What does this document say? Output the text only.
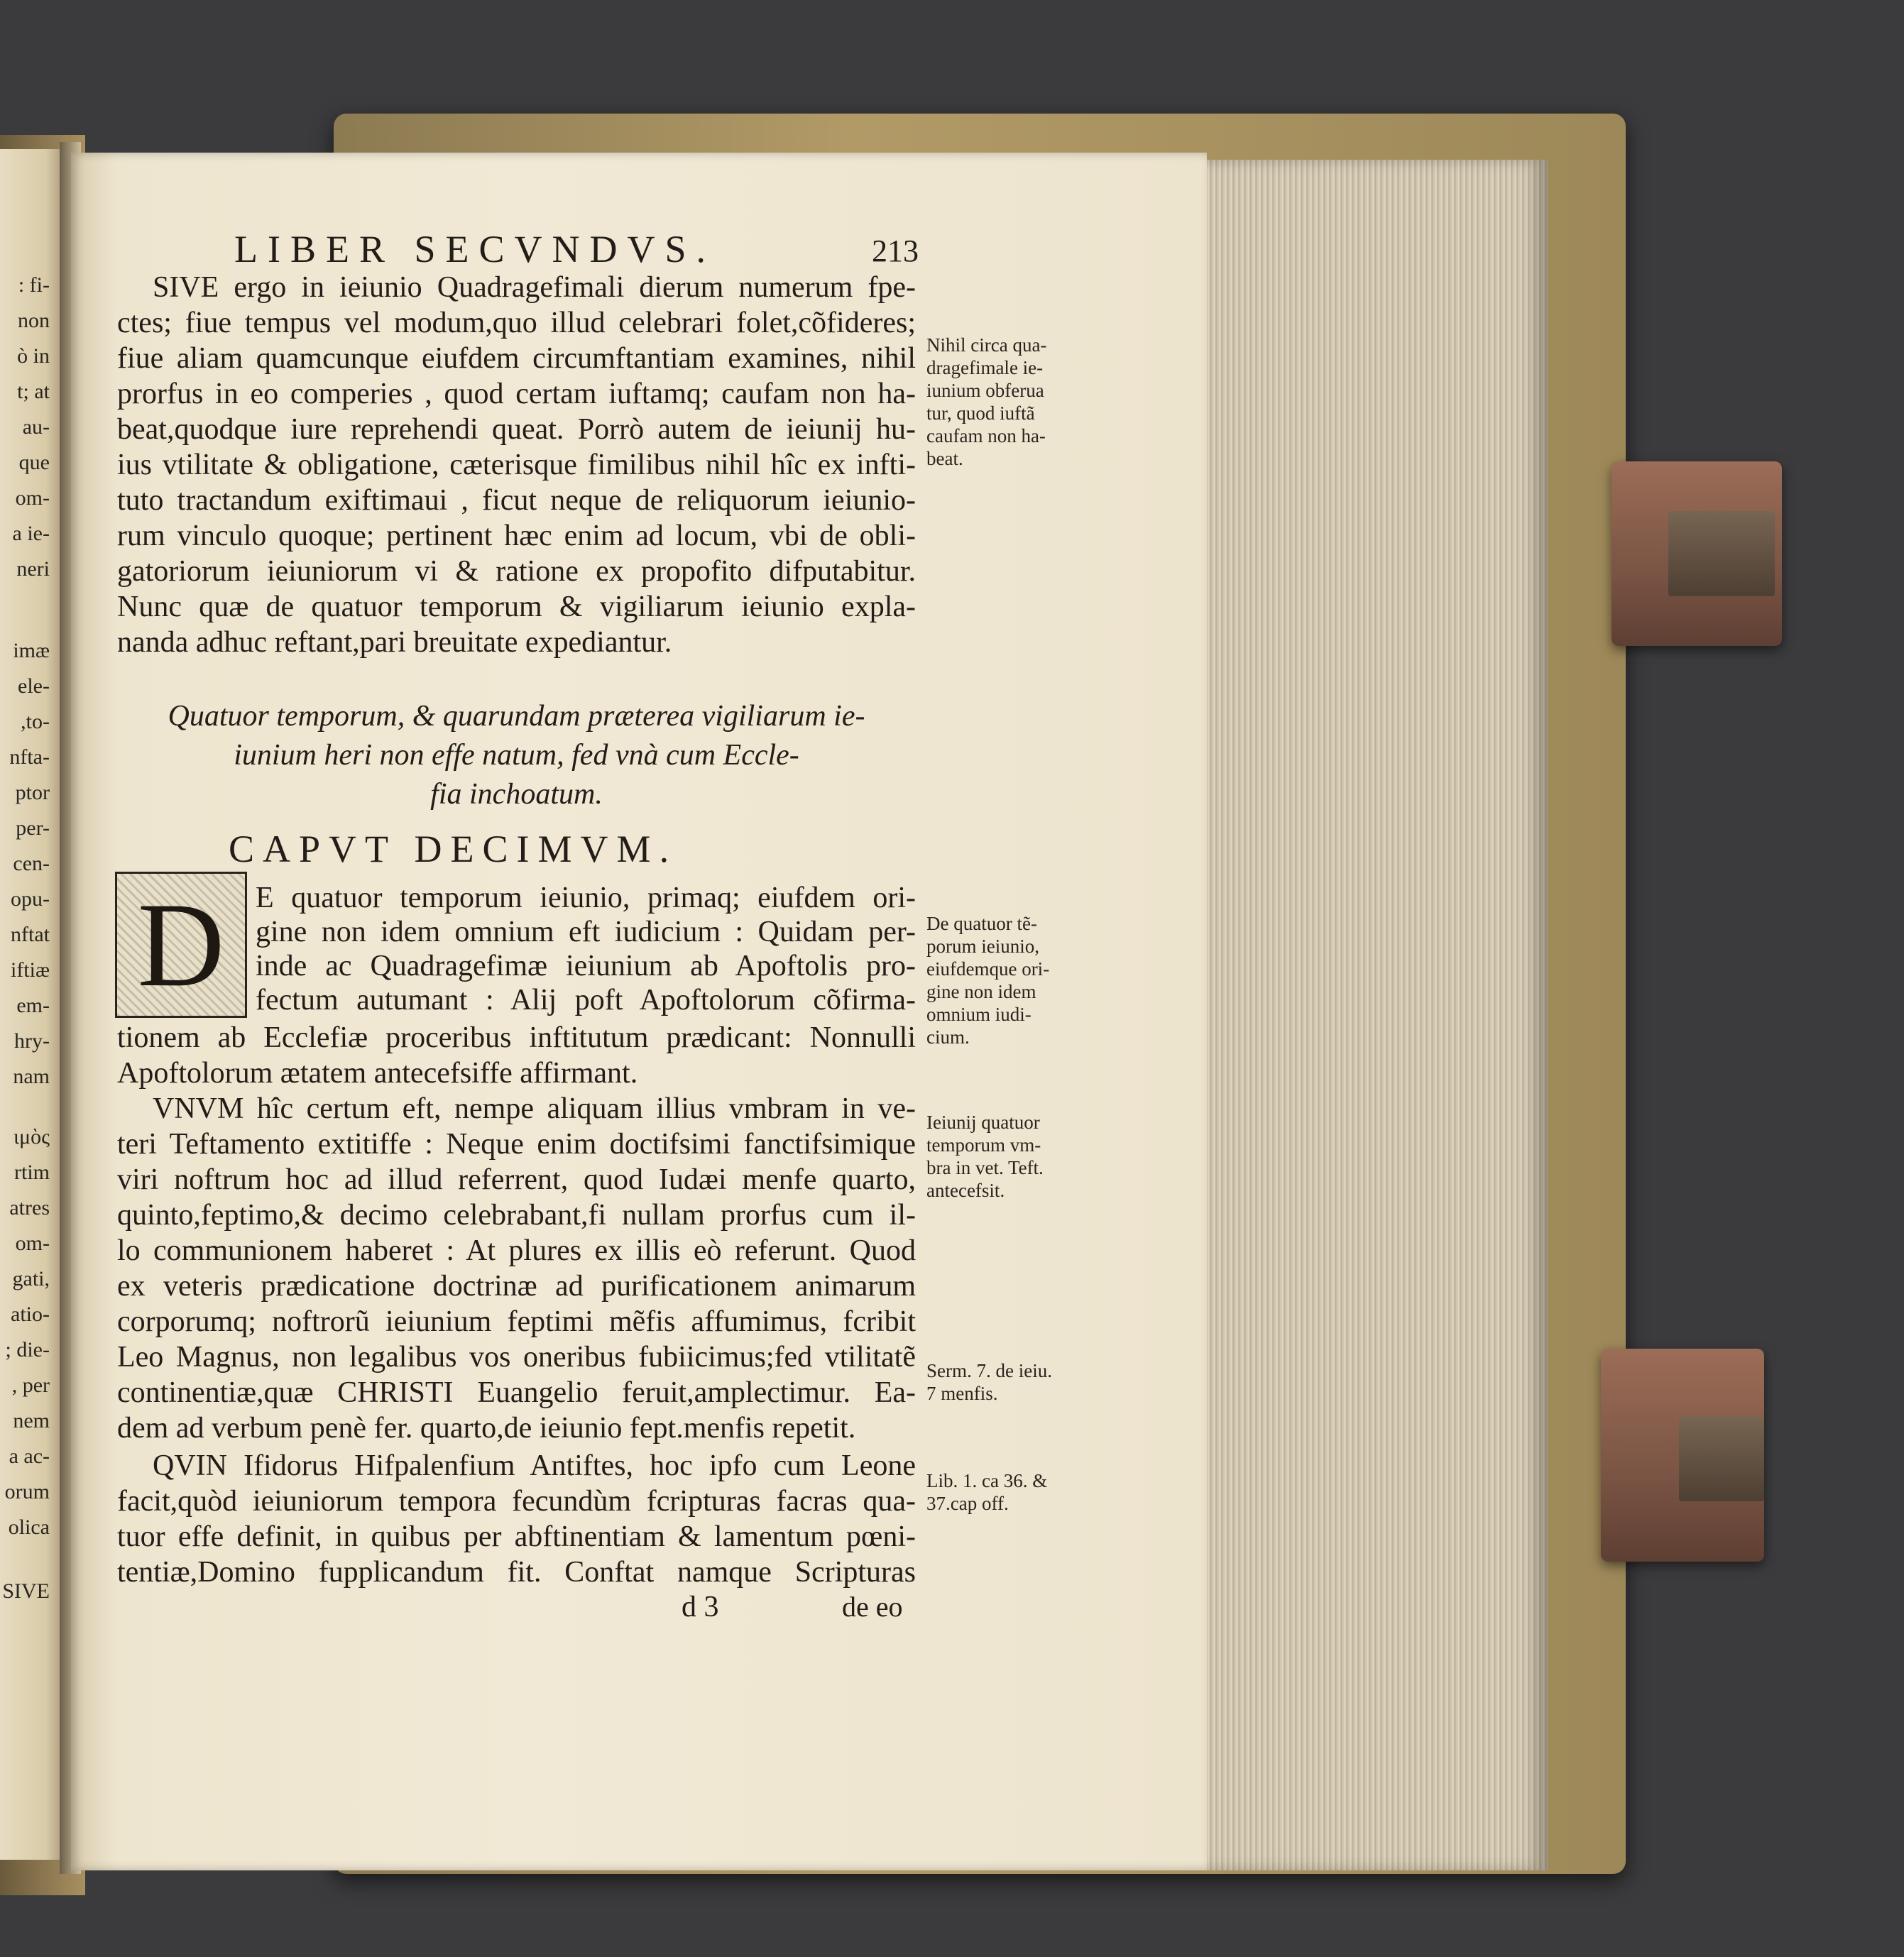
: fi-
non
ò in
t; at
au-
que
om-
a ie-
neri
imæ
ele-
,to-
nfta-
ptor
per-
cen-
opu-
nftat
iftiæ
em-
hry-
nam
ιμὸς
rtim
atres
om-
gati,
atio-
; die-
, per
nem
a ac-
orum
olica
SIVE
LIBER SECVNDVS.	213
SIVE ergo in ieiunio Quadragefimali dierum numerum fpe-
ctes; fiue tempus vel modum,quo illud celebrari folet,cõfideres;
fiue aliam quamcunque eiufdem circumftantiam examines, nihil
prorfus in eo comperies , quod certam iuftamq; caufam non ha-
beat,quodque iure reprehendi queat. Porrò autem de ieiunij hu-
ius vtilitate & obligatione, cæterisque fimilibus nihil hîc ex infti-
tuto tractandum exiftimaui , ficut neque de reliquorum ieiunio-
rum vinculo quoque; pertinent hæc enim ad locum, vbi de obli-
gatoriorum ieiuniorum vi & ratione ex propofito difputabitur.
Nunc quæ de quatuor temporum & vigiliarum ieiunio expla-
nanda adhuc reftant,pari breuitate expediantur.
Quatuor temporum, & quarundam præterea vigiliarum ie-
iunium heri non effe natum, fed vnà cum Eccle-
fia inchoatum.
CAPVT DECIMVM.
D E quatuor temporum ieiunio, primaq; eiufdem ori-
gine non idem omnium eft iudicium : Quidam per-
inde ac Quadragefimæ ieiunium ab Apoftolis pro-
fectum autumant : Alij poft Apoftolorum cõfirma-
tionem ab Ecclefiæ proceribus inftitutum prædicant: Nonnulli
Apoftolorum ætatem antecefsiffe affirmant.
VNVM hîc certum eft, nempe aliquam illius vmbram in ve-
teri Teftamento extitiffe : Neque enim doctifsimi fanctifsimique
viri noftrum hoc ad illud referrent, quod Iudæi menfe quarto,
quinto,feptimo,& decimo celebrabant,fi nullam prorfus cum il-
lo communionem haberet : At plures ex illis eò referunt. Quod
ex veteris prædicatione doctrinæ ad purificationem animarum
corporumq; noftrorũ ieiunium feptimi mẽfis affumimus, fcribit
Leo Magnus, non legalibus vos oneribus fubiicimus;fed vtilitatẽ
continentiæ,quæ CHRISTI Euangelio feruit,amplectimur. Ea-
dem ad verbum penè fer. quarto,de ieiunio fept.menfis repetit.
QVIN Ifidorus Hifpalenfium Antiftes, hoc ipfo cum Leone
facit,quòd ieiuniorum tempora fecundùm fcripturas facras qua-
tuor effe definit, in quibus per abftinentiam & lamentum pœni-
tentiæ,Domino fupplicandum fit. Conftat namque Scripturas
d 3	de eo
Nihil circa qua-
dragefimale ie-
iunium obferua
tur, quod iuftã
caufam non ha-
beat.
De quatuor tẽ-
porum ieiunio,
eiufdemque ori-
gine non idem
omnium iudi-
cium.
Ieiunij quatuor
temporum vm-
bra in vet. Teft.
antecefsit.
Serm. 7. de ieiu.
7 menfis.
Lib. 1. ca 36. &
37.cap off.
